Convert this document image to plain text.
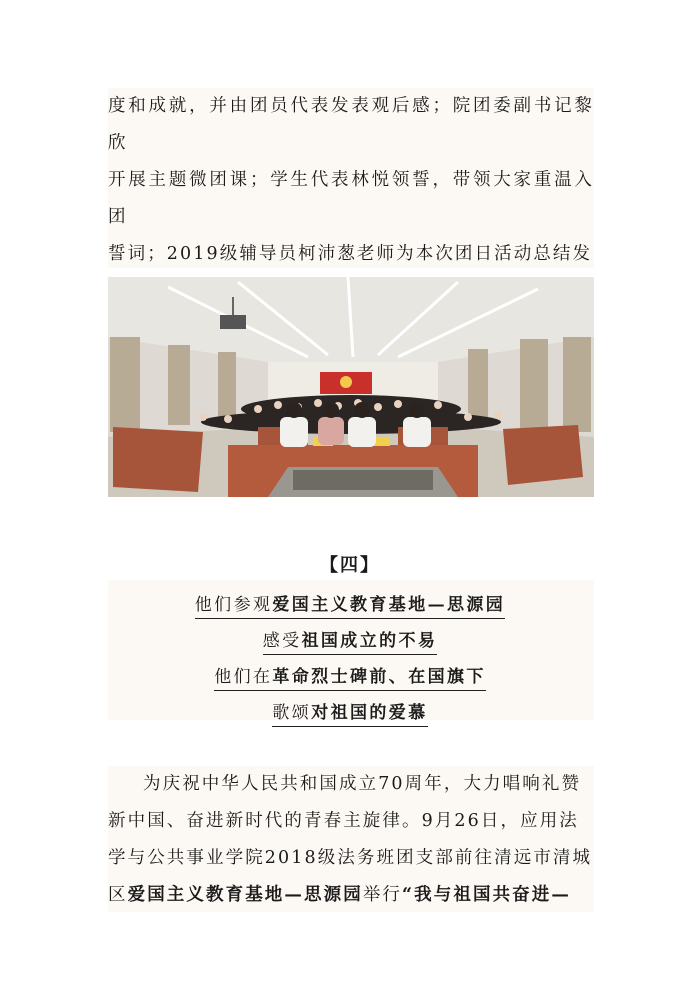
度和成就，并由团员代表发表观后感；院团委副书记黎欣

开展主题微团课；学生代表林悦领誓，带领大家重温入团

誓词；2019级辅导员柯沛葱老师为本次团日活动总结发

【四】
他们参观爱国主义教育基地—思源园
感受祖国成立的不易
他们在革命烈士碑前、在国旗下
歌颂对祖国的爱慕

为庆祝中华人民共和国成立70周年，大力唱响礼赞

新中国、奋进新时代的青春主旋律。9月26日，应用法

学与公共事业学院2018级法务班团支部前往清远市清城

区爱国主义教育基地—思源园举行“我与祖国共奋进—
